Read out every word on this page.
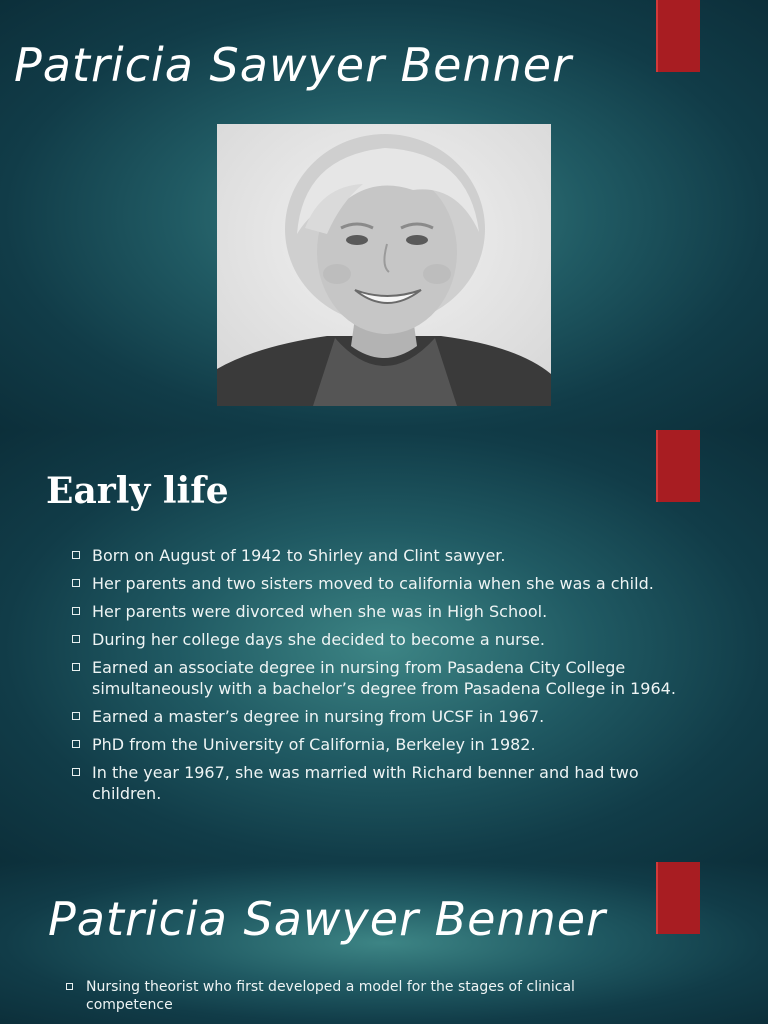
Patricia Sawyer Benner
Early life
Born on August of 1942 to Shirley and Clint sawyer.
Her parents and two sisters moved to california when she was a child.
Her parents were divorced when she was in High School.
During her college days she decided to become a nurse.
Earned an associate degree in nursing from Pasadena City College simultaneously with a bachelor’s degree from Pasadena College in 1964.
Earned a master’s degree in nursing from UCSF in 1967.
PhD from the University of California, Berkeley in 1982.
In the year 1967, she was married with Richard benner and had two children.
Patricia Sawyer Benner
Nursing theorist who first developed a model for the stages of clinical competence
